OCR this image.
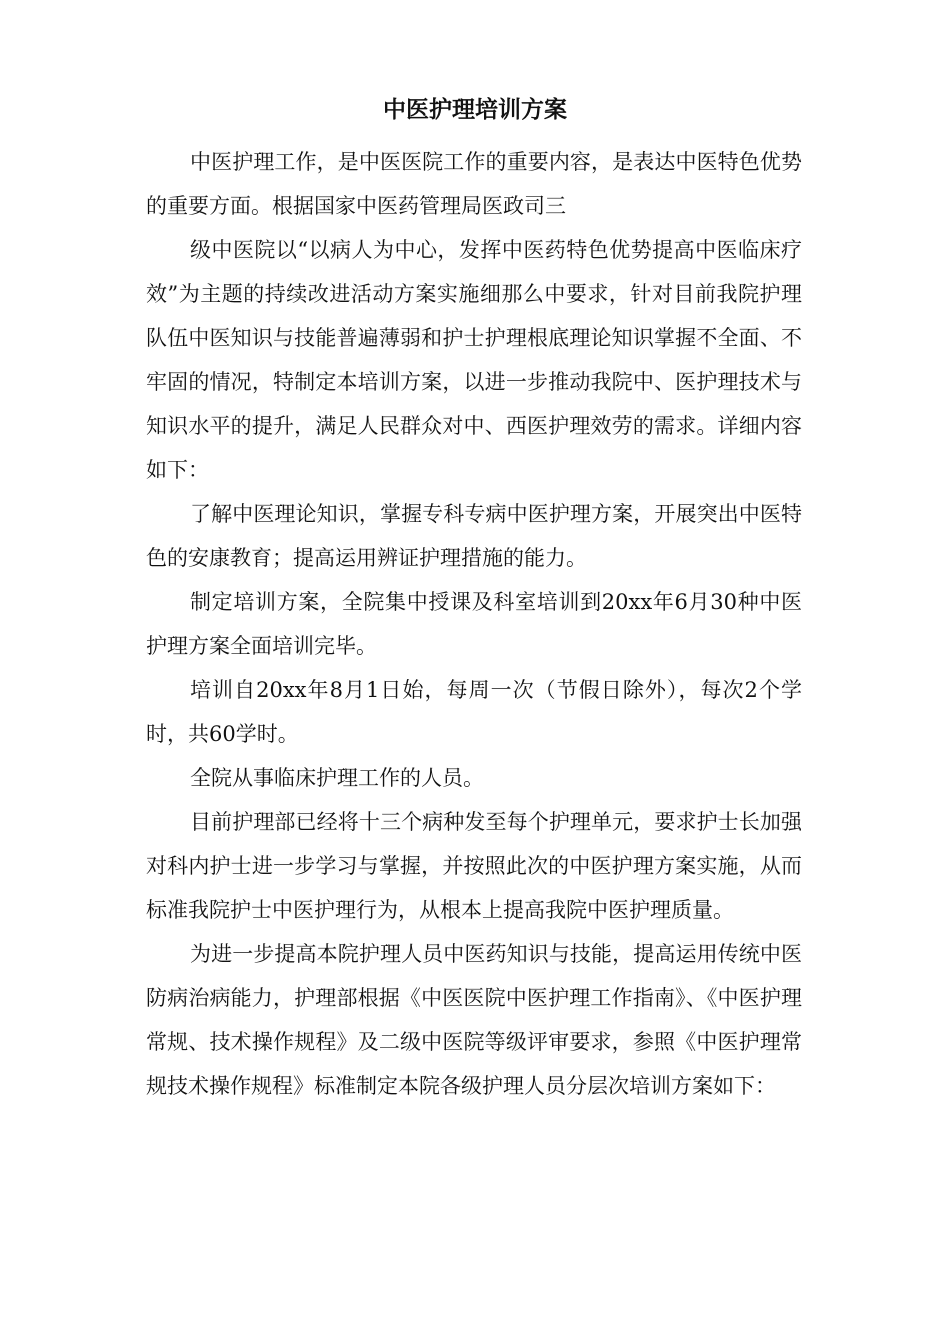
中医护理培训方案

中医护理工作，是中医医院工作的重要内容，是表达中医特色优势的重要方面。根据国家中医药管理局医政司三

级中医院以“以病人为中心，发挥中医药特色优势提高中医临床疗效”为主题的持续改进活动方案实施细那么中要求，针对目前我院护理队伍中医知识与技能普遍薄弱和护士护理根底理论知识掌握不全面、不牢固的情况，特制定本培训方案，以进一步推动我院中、医护理技术与知识水平的提升，满足人民群众对中、西医护理效劳的需求。详细内容如下：

了解中医理论知识，掌握专科专病中医护理方案，开展突出中医特色的安康教育；提高运用辨证护理措施的能力。

制定培训方案，全院集中授课及科室培训到20xx年6月30种中医护理方案全面培训完毕。

培训自20xx年8月1日始，每周一次（节假日除外），每次2个学时，共60学时。

全院从事临床护理工作的人员。

目前护理部已经将十三个病种发至每个护理单元，要求护士长加强对科内护士进一步学习与掌握，并按照此次的中医护理方案实施，从而标准我院护士中医护理行为，从根本上提高我院中医护理质量。

为进一步提高本院护理人员中医药知识与技能，提高运用传统中医防病治病能力，护理部根据《中医医院中医护理工作指南》、《中医护理常规、技术操作规程》及二级中医院等级评审要求，参照《中医护理常规技术操作规程》标准制定本院各级护理人员分层次培训方案如下：
